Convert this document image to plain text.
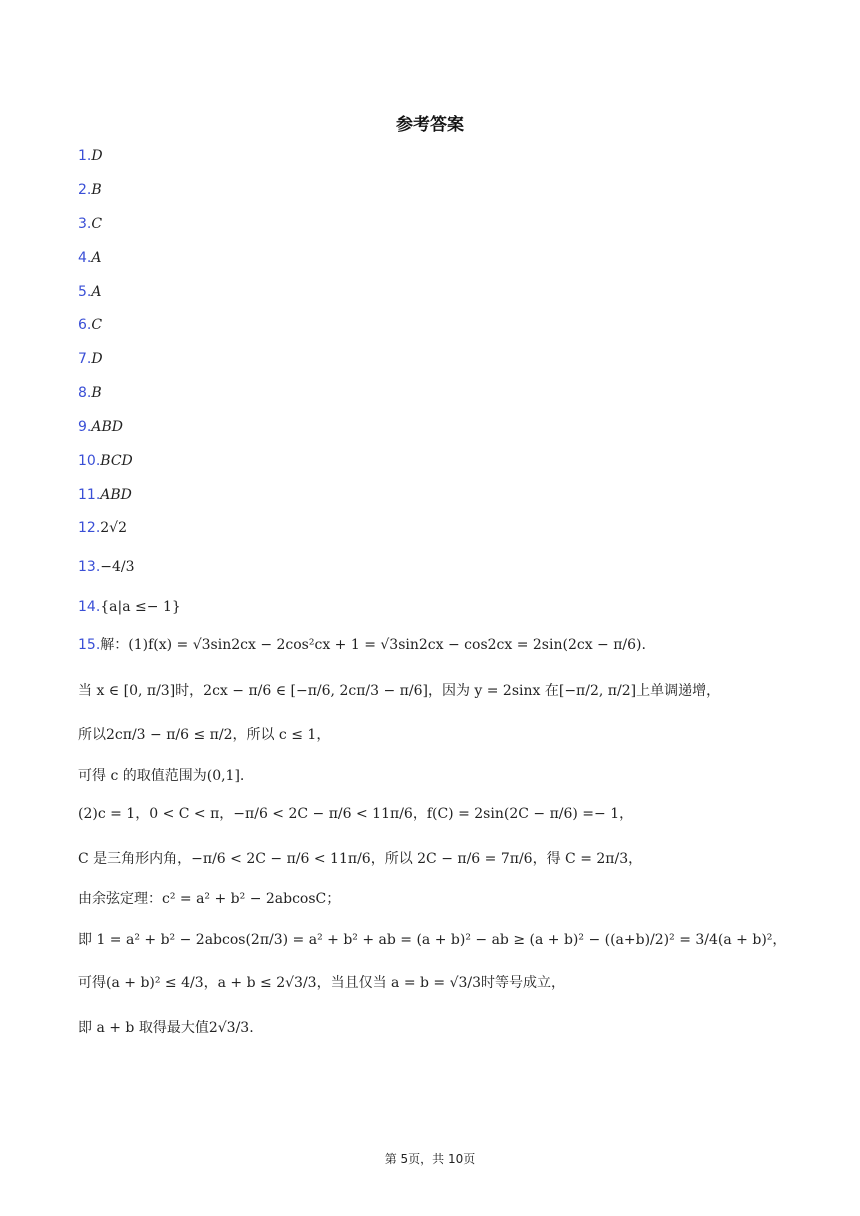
参考答案
1.D
2.B
3.C
4.A
5.A
6.C
7.D
8.B
9.ABD
10.BCD
11.ABD
12.2√2
13.−4/3
14.{a|a ≤− 1}
15.解：(1)f(x) = √3sin2cx − 2cos²cx + 1 = √3sin2cx − cos2cx = 2sin(2cx − π/6).
当 x ∈ [0, π/3]时，2cx − π/6 ∈ [−π/6, 2cπ/3 − π/6]，因为 y = 2sinx 在[−π/2, π/2]上单调递增，
所以2cπ/3 − π/6 ≤ π/2，所以 c ≤ 1，
可得 c 的取值范围为(0,1].
(2)c = 1，0 < C < π，−π/6 < 2C − π/6 < 11π/6，f(C) = 2sin(2C − π/6) =− 1，
C 是三角形内角，−π/6 < 2C − π/6 < 11π/6，所以 2C − π/6 = 7π/6，得 C = 2π/3，
由余弦定理：c² = a² + b² − 2abcosC；
即 1 = a² + b² − 2abcos(2π/3) = a² + b² + ab = (a + b)² − ab ≥ (a + b)² − ((a+b)/2)² = 3/4(a + b)²，
可得(a + b)² ≤ 4/3，a + b ≤ 2√3/3，当且仅当 a = b = √3/3时等号成立，
即 a + b 取得最大值2√3/3.
第 5页，共 10页
